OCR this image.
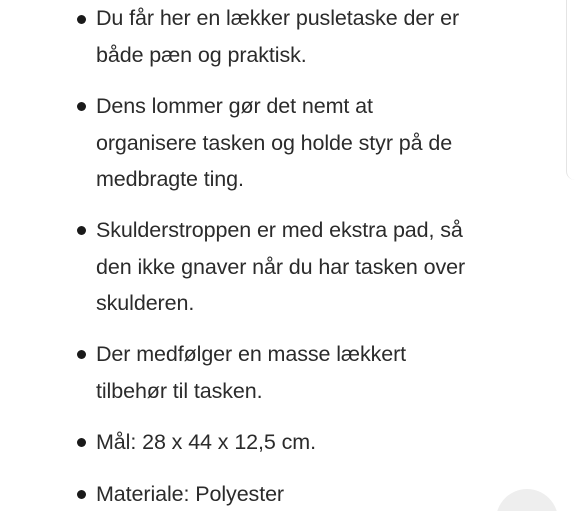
Du får her en lækker pusletaske der er
både pæn og praktisk.
Dens lommer gør det nemt at
organisere tasken og holde styr på de
medbragte ting.
Skulderstroppen er med ekstra pad, så
den ikke gnaver når du har tasken over
skulderen.
Der medfølger en masse lækkert
tilbehør til tasken.
Mål: 28 x 44 x 12,5 cm.
Materiale: Polyester
